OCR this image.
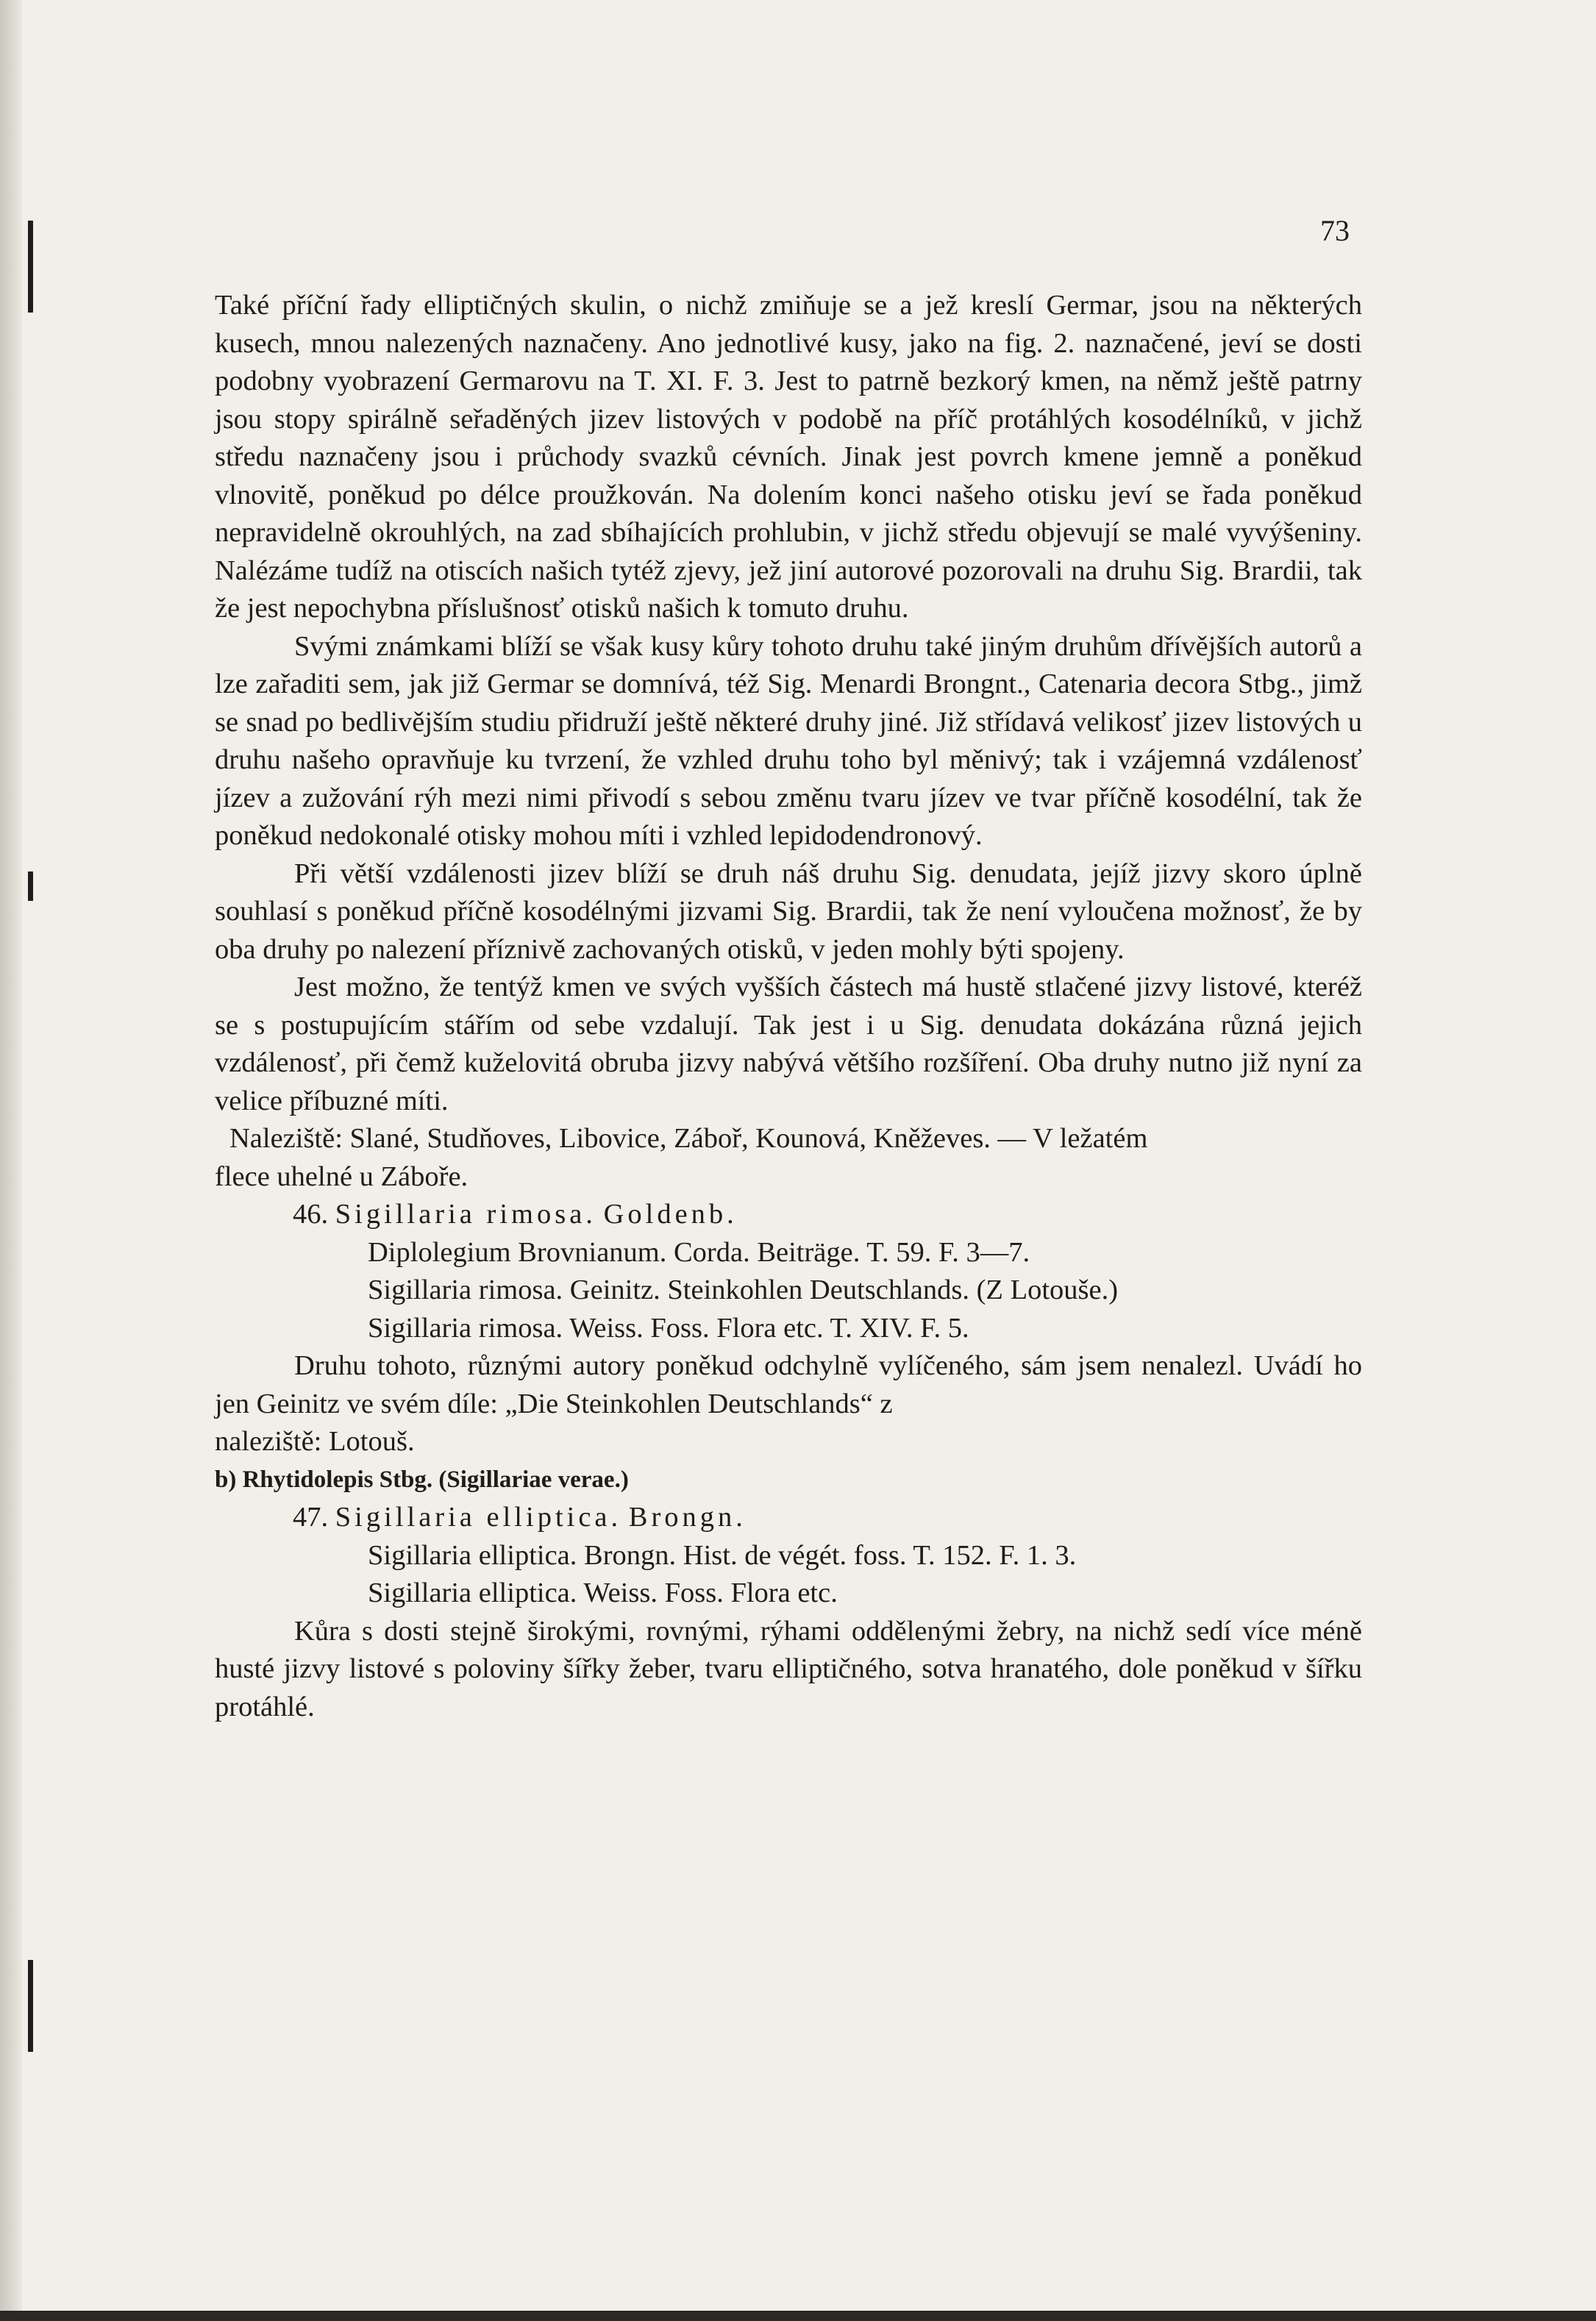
73

Také příční řady elliptičných skulin, o nichž zmiňuje se a jež kreslí Germar, jsou na některých kusech, mnou nalezených naznačeny. Ano jednotlivé kusy, jako na fig. 2. naznačené, jeví se dosti podobny vyobrazení Germarovu na T. XI. F. 3. Jest to patrně bezkorý kmen, na němž ještě patrny jsou stopy spirálně seřaděných jizev listových v podobě na příč protáhlých kosodélníků, v jichž středu naznačeny jsou i průchody svazků cévních. Jinak jest povrch kmene jemně a poněkud vlnovitě, poněkud po délce proužkován. Na dolením konci našeho otisku jeví se řada poněkud nepravidelně okrouhlých, na zad sbíhajících prohlubin, v jichž středu objevují se malé vyvýšeniny. Nalézáme tudíž na otiscích našich tytéž zjevy, jež jiní autorové pozorovali na druhu Sig. Brardii, tak že jest nepochybna příslušnosť otisků našich k tomuto druhu.

Svými známkami blíží se však kusy kůry tohoto druhu také jiným druhům dřívějších autorů a lze zařaditi sem, jak již Germar se domnívá, též Sig. Menardi Brongnt., Catenaria decora Stbg., jimž se snad po bedlivějším studiu přidruží ještě některé druhy jiné. Již střídavá velikosť jizev listových u druhu našeho opravňuje ku tvrzení, že vzhled druhu toho byl měnivý; tak i vzájemná vzdálenosť jízev a zužování rýh mezi nimi přivodí s sebou změnu tvaru jízev ve tvar příčně kosodélní, tak že poněkud nedokonalé otisky mohou míti i vzhled lepidodendronový.

Při větší vzdálenosti jizev blíží se druh náš druhu Sig. denudata, jejíž jizvy skoro úplně souhlasí s poněkud příčně kosodélnými jizvami Sig. Brardii, tak že není vyloučena možnosť, že by oba druhy po nalezení příznivě zachovaných otisků, v jeden mohly býti spojeny.

Jest možno, že tentýž kmen ve svých vyšších částech má hustě stlačené jizvy listové, kteréž se s postupujícím stářím od sebe vzdalují. Tak jest i u Sig. denudata dokázána různá jejich vzdálenosť, při čemž kuželovitá obruba jizvy nabývá většího rozšíření. Oba druhy nutno již nyní za velice příbuzné míti.

Naleziště: Slané, Studňoves, Libovice, Záboř, Kounová, Kněževes. — V ležatém

flece uhelné u Záboře.

46. Sigillaria rimosa. Goldenb.

Diplolegium Brovnianum. Corda. Beiträge. T. 59. F. 3—7.

Sigillaria rimosa. Geinitz. Steinkohlen Deutschlands. (Z Lotouše.)

Sigillaria rimosa. Weiss. Foss. Flora etc. T. XIV. F. 5.

Druhu tohoto, různými autory poněkud odchylně vylíčeného, sám jsem nenalezl. Uvádí ho jen Geinitz ve svém díle: „Die Steinkohlen Deutschlands“ z

naleziště: Lotouš.

b) Rhytidolepis Stbg. (Sigillariae verae.)

47. Sigillaria elliptica. Brongn.

Sigillaria elliptica. Brongn. Hist. de végét. foss. T. 152. F. 1. 3.

Sigillaria elliptica. Weiss. Foss. Flora etc.

Kůra s dosti stejně širokými, rovnými, rýhami oddělenými žebry, na nichž sedí více méně husté jizvy listové s poloviny šířky žeber, tvaru elliptičného, sotva hranatého, dole poněkud v šířku protáhlé.
